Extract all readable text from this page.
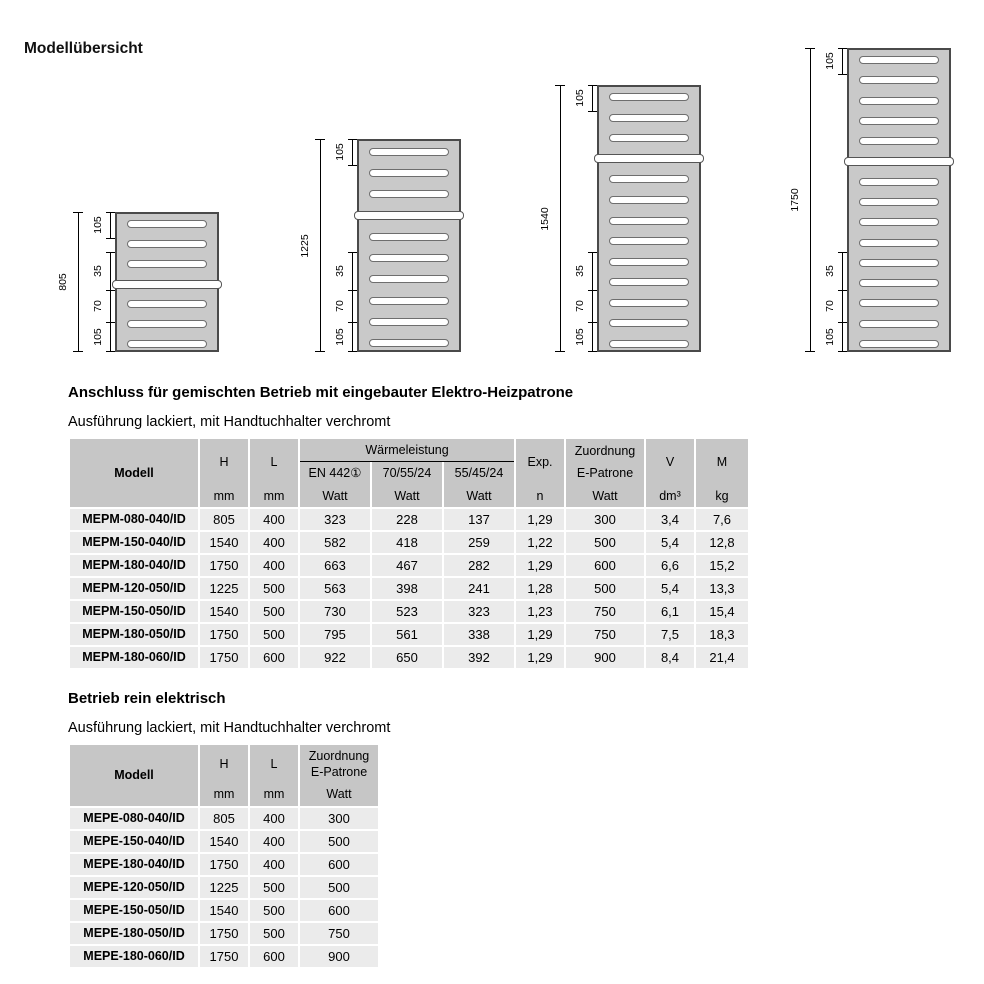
Modellübersicht
805
105
35
70
105
1225
105
35
70
105
1540
105
35
70
105
1750
105
35
70
105
Anschluss für gemischten Betrieb mit eingebauter Elektro-Heizpatrone

Ausführung lackiert, mit Handtuchhalter verchromt

Modell	H	L	Wärmeleistung			Exp.	Zuordnung	V	M
			EN 442①	70/55/24	55/45/24		E-Patrone		
	mm	mm	Watt	Watt	Watt	n	Watt	dm³	kg
MEPM-080-040/ID	805	400	323	228	137	1,29	300	3,4	7,6
MEPM-150-040/ID	1540	400	582	418	259	1,22	500	5,4	12,8
MEPM-180-040/ID	1750	400	663	467	282	1,29	600	6,6	15,2
MEPM-120-050/ID	1225	500	563	398	241	1,28	500	5,4	13,3
MEPM-150-050/ID	1540	500	730	523	323	1,23	750	6,1	15,4
MEPM-180-050/ID	1750	500	795	561	338	1,29	750	7,5	18,3
MEPM-180-060/ID	1750	600	922	650	392	1,29	900	8,4	21,4
Betrieb rein elektrisch

Ausführung lackiert, mit Handtuchhalter verchromt

Modell	H	L	Zuordnung
E-Patrone

	mm	mm	Watt
MEPE-080-040/ID	805	400	300
MEPE-150-040/ID	1540	400	500
MEPE-180-040/ID	1750	400	600
MEPE-120-050/ID	1225	500	500
MEPE-150-050/ID	1540	500	600
MEPE-180-050/ID	1750	500	750
MEPE-180-060/ID	1750	600	900
